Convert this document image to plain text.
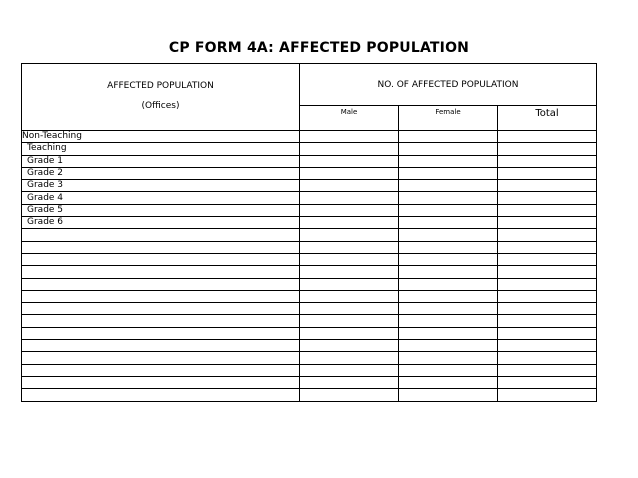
CP FORM 4A: AFFECTED POPULATION
AFFECTED POPULATION
(Offices)	NO. OF AFFECTED POPULATION		
	Male	Female	Total
Non-Teaching			
Teaching			
Grade 1			
Grade 2			
Grade 3			
Grade 4			
Grade 5			
Grade 6			
